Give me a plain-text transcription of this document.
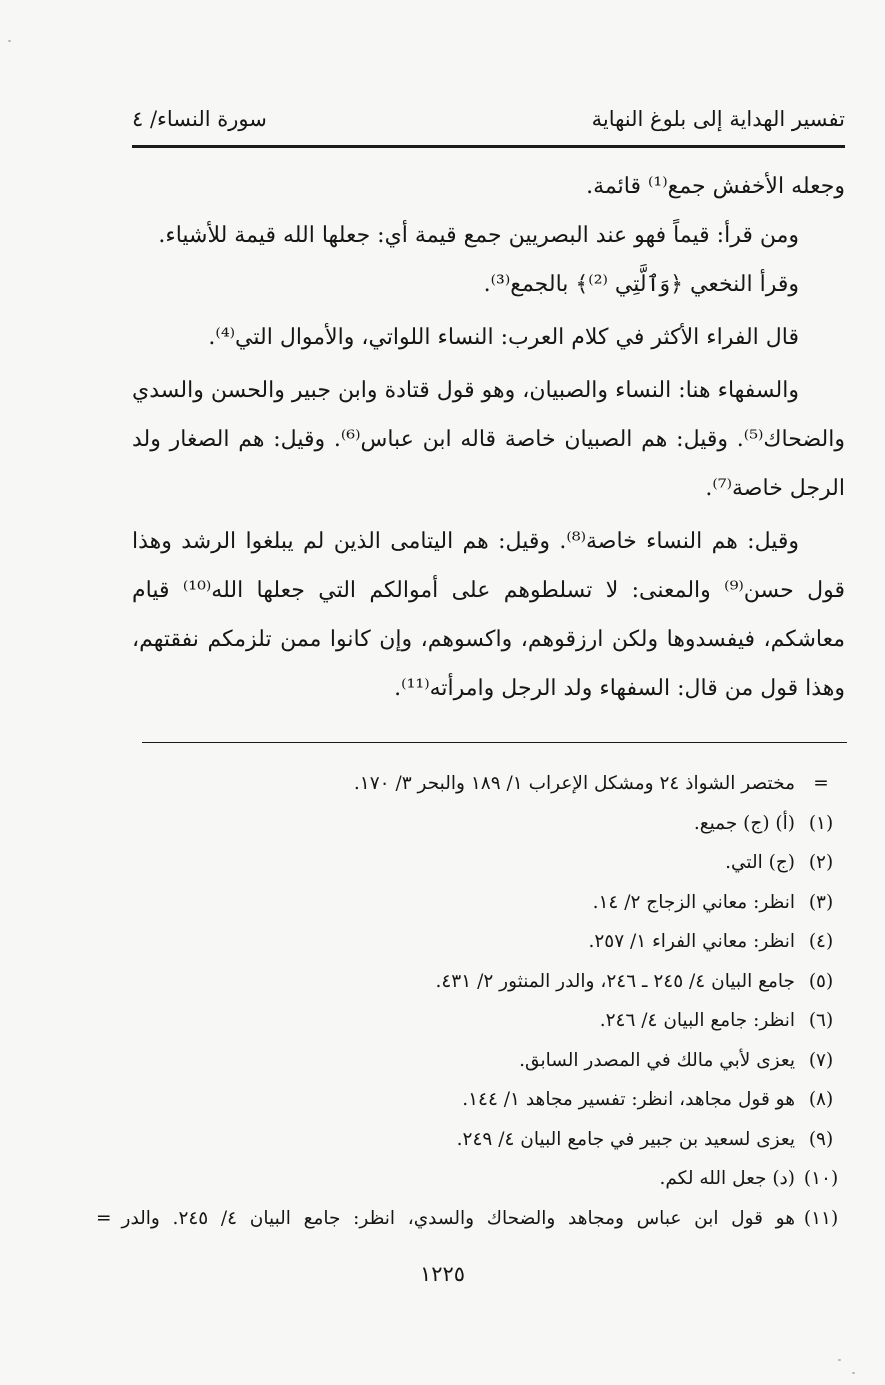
تفسير الهداية إلى بلوغ النهاية
سورة النساء/ ٤

وجعله الأخفش جمع⁽¹⁾ قائمة.

ومن قرأ: قيماً فهو عند البصريين جمع قيمة أي: جعلها الله قيمة للأشياء.

وقرأ النخعي ﴿وَٱلَّتِي ⁽²⁾﴾ بالجمع⁽³⁾.

قال الفراء الأكثر في كلام العرب: النساء اللواتي، والأموال التي⁽⁴⁾.

والسفهاء هنا: النساء والصبيان، وهو قول قتادة وابن جبير والحسن والسدي والضحاك⁽⁵⁾. وقيل: هم الصبيان خاصة قاله ابن عباس⁽⁶⁾. وقيل: هم الصغار ولد الرجل خاصة⁽⁷⁾.

وقيل: هم النساء خاصة⁽⁸⁾. وقيل: هم اليتامى الذين لم يبلغوا الرشد وهذا قول حسن⁽⁹⁾ والمعنى: لا تسلطوهم على أموالكم التي جعلها الله⁽¹⁰⁾ قيام معاشكم، فيفسدوها ولكن ارزقوهم، واكسوهم، وإن كانوا ممن تلزمكم نفقتهم، وهذا قول من قال: السفهاء ولد الرجل وامرأته⁽¹¹⁾.

=
مختصر الشواذ ٢٤ ومشكل الإعراب ١/ ١٨٩ والبحر ٣/ ١٧٠.
(١)
(أ) (ج) جميع.
(٢)
(ج) التي.
(٣)
انظر: معاني الزجاج ٢/ ١٤.
(٤)
انظر: معاني الفراء ١/ ٢٥٧.
(٥)
جامع البيان ٤/ ٢٤٥ ـ ٢٤٦، والدر المنثور ٢/ ٤٣١.
(٦)
انظر: جامع البيان ٤/ ٢٤٦.
(٧)
يعزى لأبي مالك في المصدر السابق.
(٨)
هو قول مجاهد، انظر: تفسير مجاهد ١/ ١٤٤.
(٩)
يعزى لسعيد بن جبير في جامع البيان ٤/ ٢٤٩.
(١٠)
(د) جعل الله لكم.
(١١)
هو قول ابن عباس ومجاهد والضحاك والسدي، انظر: جامع البيان ٤/ ٢٤٥. والدر
=
١٢٢٥
